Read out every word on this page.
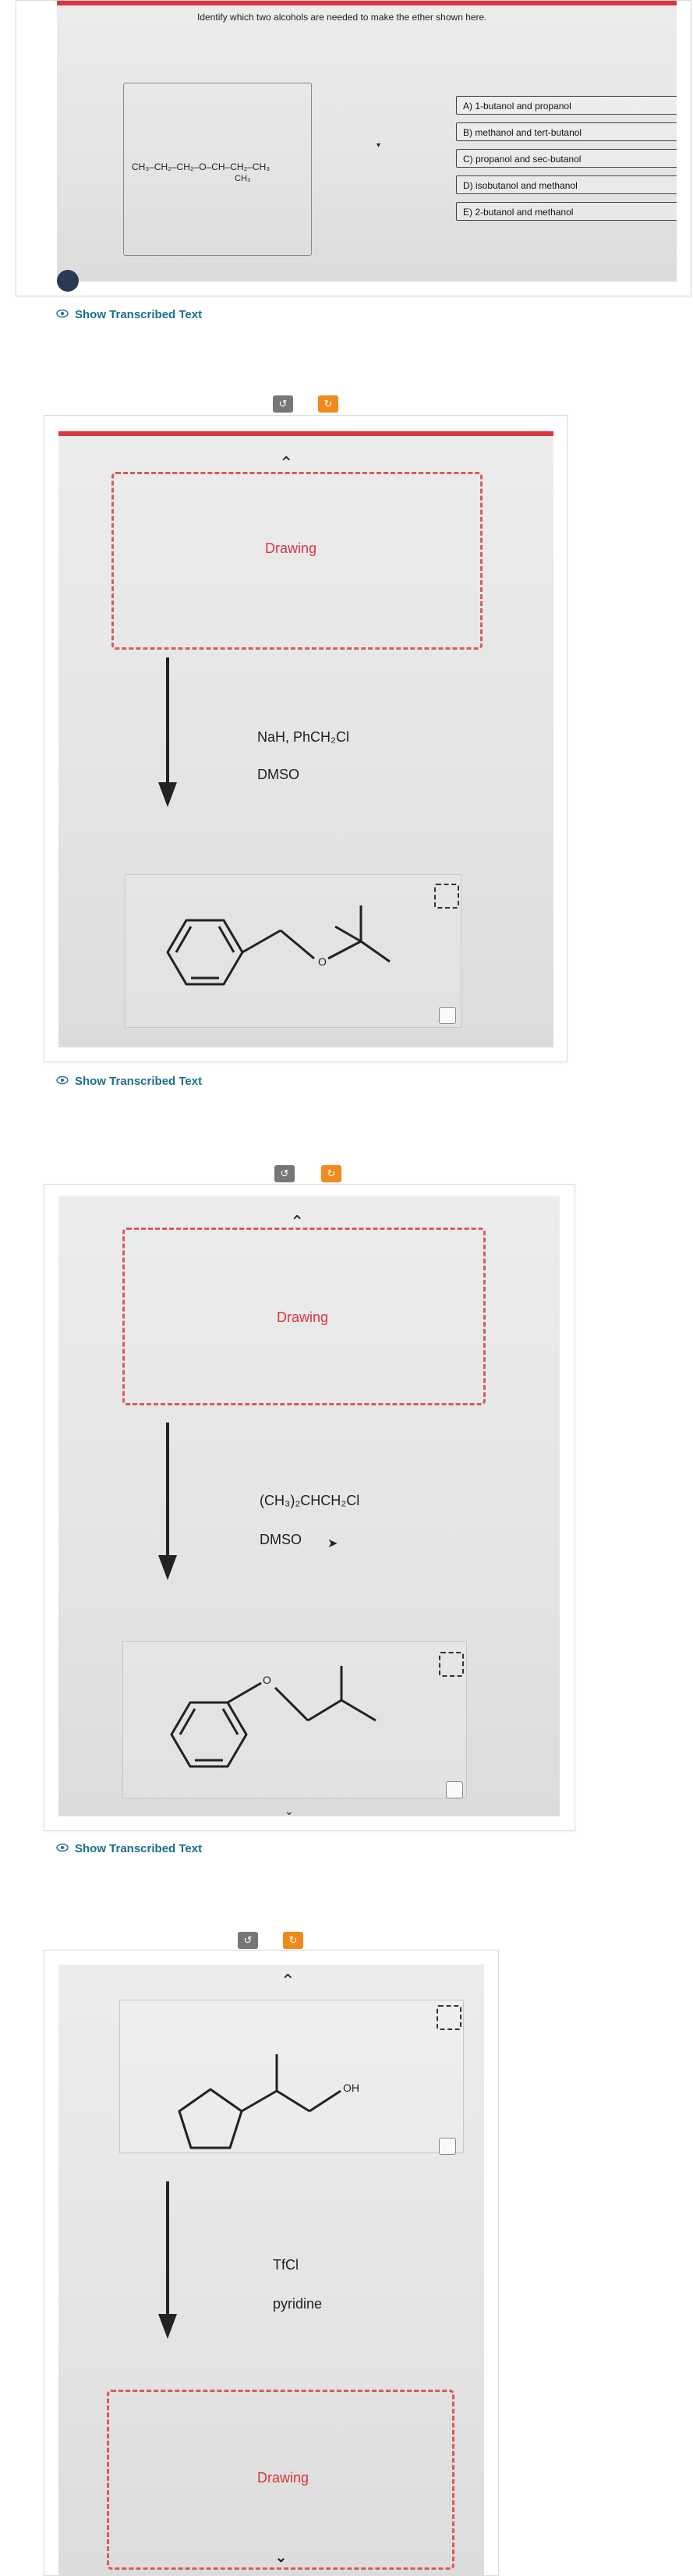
Identify which two alcohols are needed to make the ether shown here.
CH₃–CH₂–CH₂–O–CH–CH₂–CH₃
CH₃
▾
A) 1-butanol and propanol
B) methanol and tert-butanol
C) propanol and sec-butanol
D) isobutanol and methanol
E) 2-butanol and methanol
Show Transcribed Text
↺	↻
⌃
Drawing
NaH, PhCH₂Cl
DMSO
O
Show Transcribed Text
↺	↻
⌃
Drawing
(CH₃)₂CHCH₂Cl
DMSO ➤
O
⌄
Show Transcribed Text
↺	↻
⌃
OH
TfCl
pyridine
Drawing
⌄
